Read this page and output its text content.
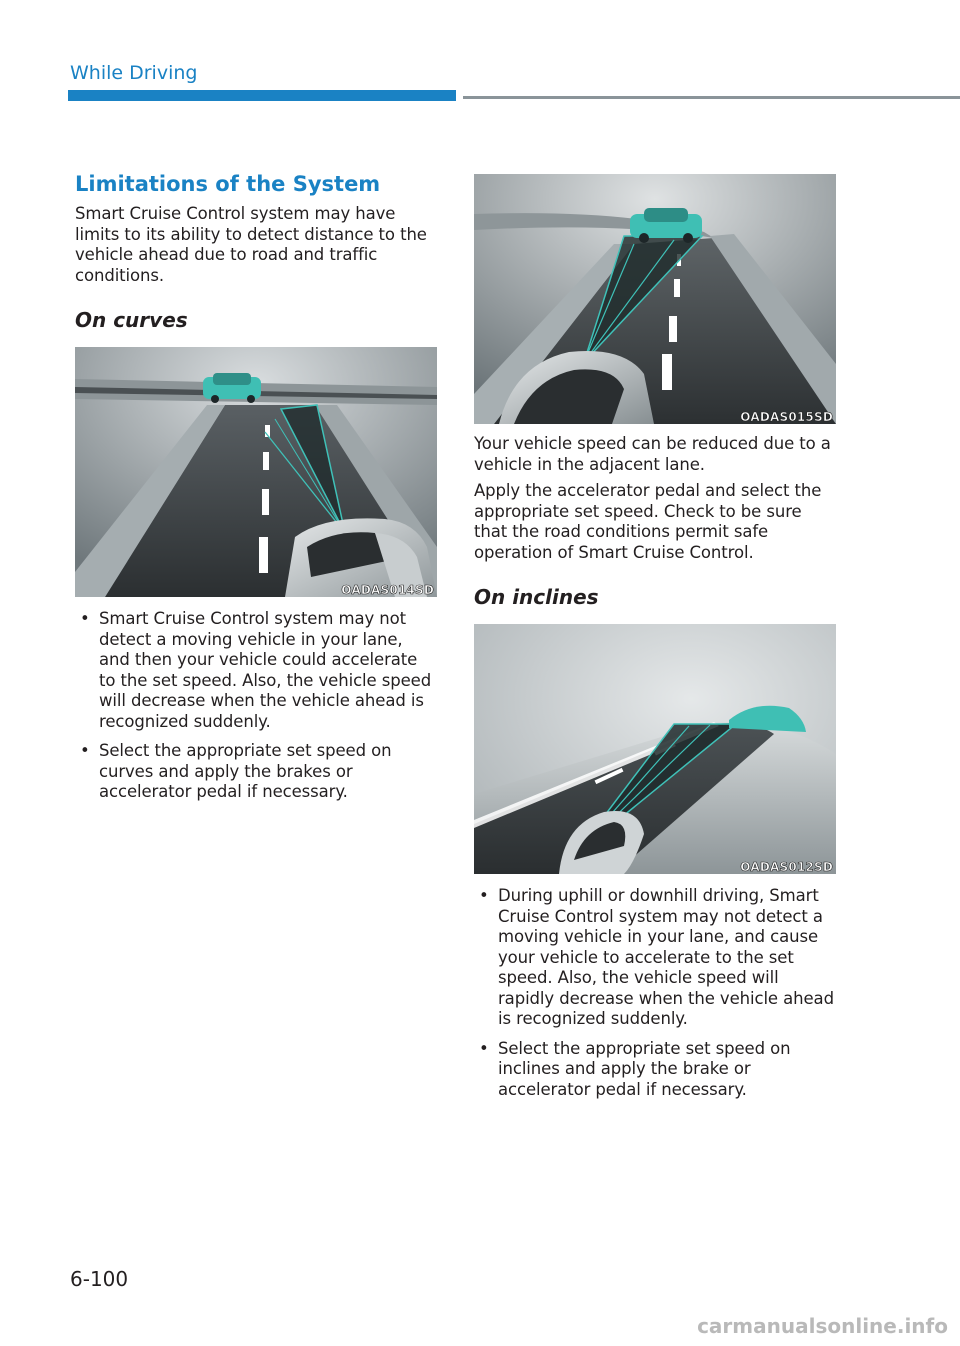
While Driving
Limitations of the System

Smart Cruise Control system may have limits to its ability to detect distance to the vehicle ahead due to road and traffic conditions.

On curves
OADAS014SD
• Smart Cruise Control system may not detect a moving vehicle in your lane, and then your vehicle could accelerate to the set speed. Also, the vehicle speed will decrease when the vehicle ahead is recognized suddenly.
• Select the appropriate set speed on curves and apply the brakes or accelerator pedal if necessary.
OADAS015SD

Your vehicle speed can be reduced due to a vehicle in the adjacent lane.

Apply the accelerator pedal and select the appropriate set speed. Check to be sure that the road conditions permit safe operation of Smart Cruise Control.

On inclines
OADAS012SD
• During uphill or downhill driving, Smart Cruise Control system may not detect a moving vehicle in your lane, and cause your vehicle to accelerate to the set speed. Also, the vehicle speed will rapidly decrease when the vehicle ahead is recognized suddenly.
• Select the appropriate set speed on inclines and apply the brake or accelerator pedal if necessary.
6-100
carmanualsonline.info
